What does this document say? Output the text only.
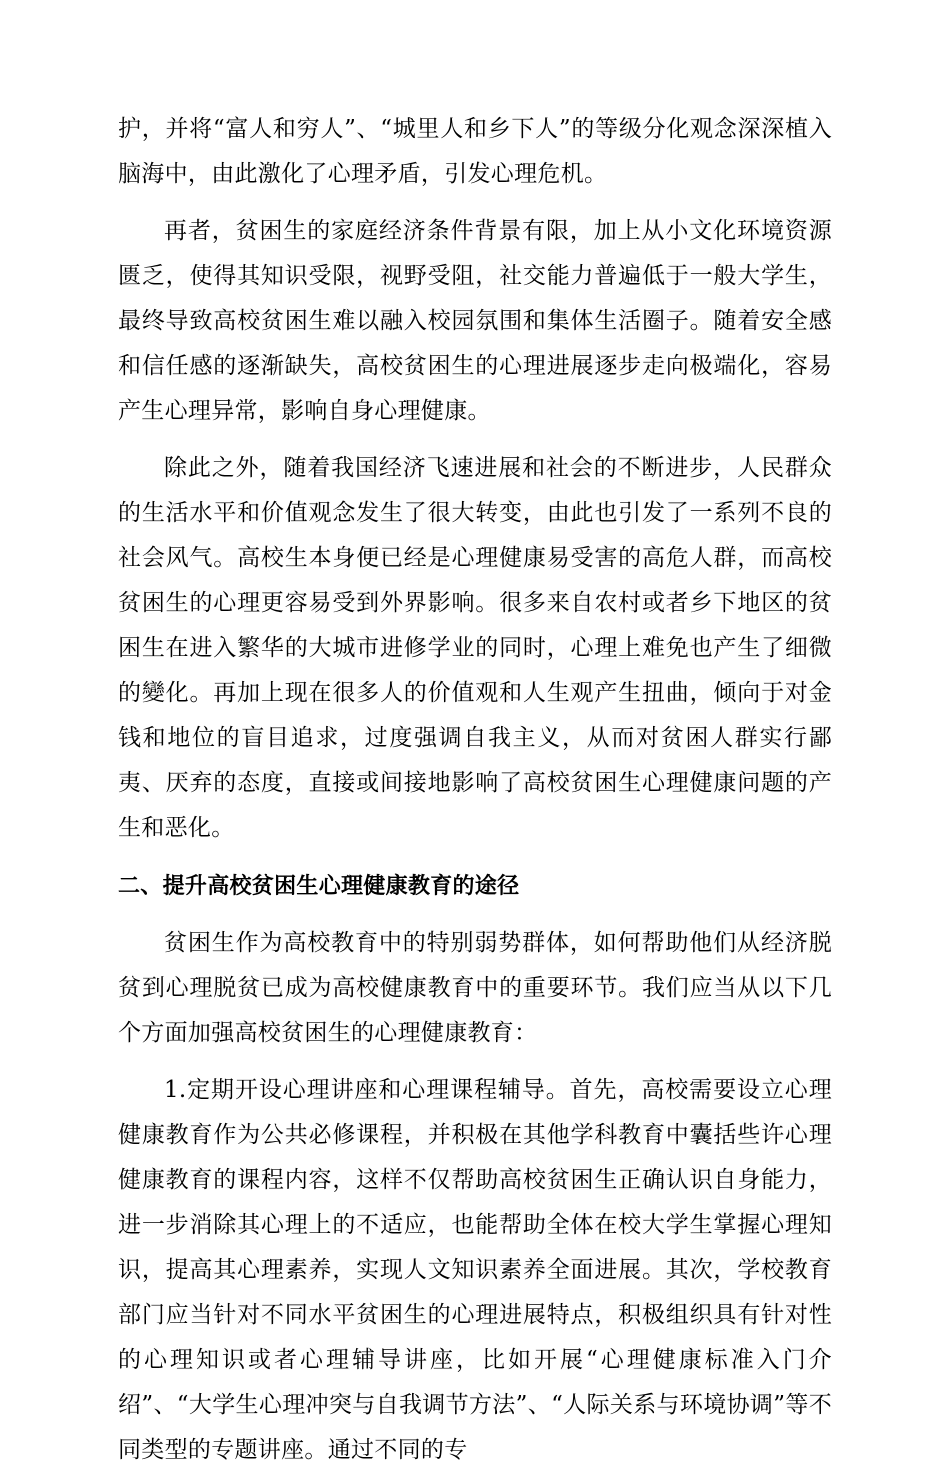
护，并将“富人和穷人”、“城里人和乡下人”的等级分化观念深深植入脑海中，由此激化了心理矛盾，引发心理危机。

再者，贫困生的家庭经济条件背景有限，加上从小文化环境资源匮乏，使得其知识受限，视野受阻，社交能力普遍低于一般大学生，最终导致高校贫困生难以融入校园氛围和集体生活圈子。随着安全感和信任感的逐渐缺失，高校贫困生的心理进展逐步走向极端化，容易产生心理异常，影响自身心理健康。

除此之外，随着我国经济飞速进展和社会的不断进步，人民群众的生活水平和价值观念发生了很大转变，由此也引发了一系列不良的社会风气。高校生本身便已经是心理健康易受害的高危人群，而高校贫困生的心理更容易受到外界影响。很多来自农村或者乡下地区的贫困生在进入繁华的大城市进修学业的同时，心理上难免也产生了细微的變化。再加上现在很多人的价值观和人生观产生扭曲，倾向于对金钱和地位的盲目追求，过度强调自我主义，从而对贫困人群实行鄙夷、厌弃的态度，直接或间接地影响了高校贫困生心理健康问题的产生和恶化。

二、提升高校贫困生心理健康教育的途径

贫困生作为高校教育中的特别弱势群体，如何帮助他们从经济脱贫到心理脱贫已成为高校健康教育中的重要环节。我们应当从以下几个方面加强高校贫困生的心理健康教育：

1.定期开设心理讲座和心理课程辅导。首先，高校需要设立心理健康教育作为公共必修课程，并积极在其他学科教育中囊括些许心理健康教育的课程内容，这样不仅帮助高校贫困生正确认识自身能力，进一步消除其心理上的不适应，也能帮助全体在校大学生掌握心理知识，提高其心理素养，实现人文知识素养全面进展。其次，学校教育部门应当针对不同水平贫困生的心理进展特点，积极组织具有针对性的心理知识或者心理辅导讲座，比如开展“心理健康标准入门介绍”、“大学生心理冲突与自我调节方法”、“人际关系与环境协调”等不同类型的专题讲座。通过不同的专
